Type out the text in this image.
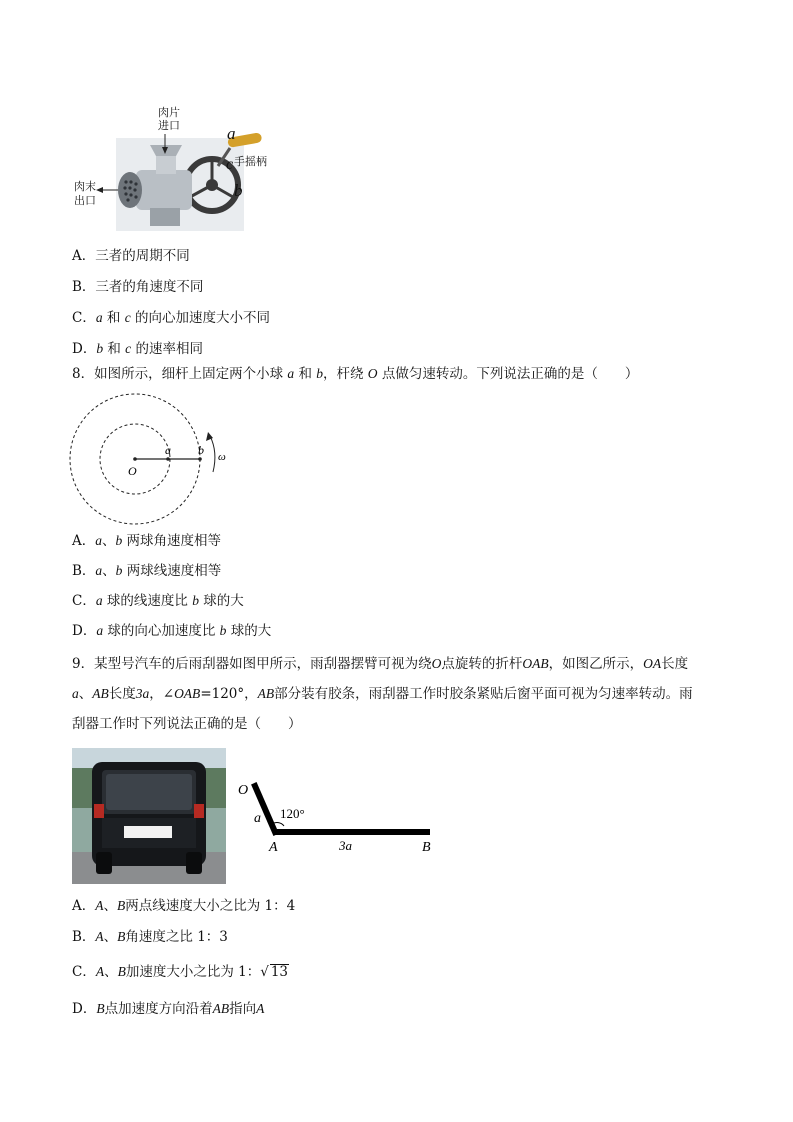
肉片
进口
肉末
出口
a
c
b
手摇柄
A．三者的周期不同
B．三者的角速度不同
C．a 和 c 的向心加速度大小不同
D．b 和 c 的速率相同
8．如图所示，细杆上固定两个小球 a 和 b，杆绕 O 点做匀速转动。下列说法正确的是（　　）
O
a b ω
A．a、b 两球角速度相等
B．a、b 两球线速度相等
C．a 球的线速度比 b 球的大
D．a 球的向心加速度比 b 球的大
9．某型号汽车的后雨刮器如图甲所示，雨刮器摆臂可视为绕O点旋转的折杆OAB，如图乙所示，OA长度
a、AB长度3a，∠OAB=120°，AB部分装有胶条，雨刮器工作时胶条紧贴后窗平面可视为匀速率转动。雨
刮器工作时下列说法正确的是（　　）
O
a 120°
A	3a	B
A．A、B两点线速度大小之比为 1：4
B．A、B角速度之比 1：3
C．A、B加速度大小之比为 1：√ 13
D．B点加速度方向沿着AB指向A
